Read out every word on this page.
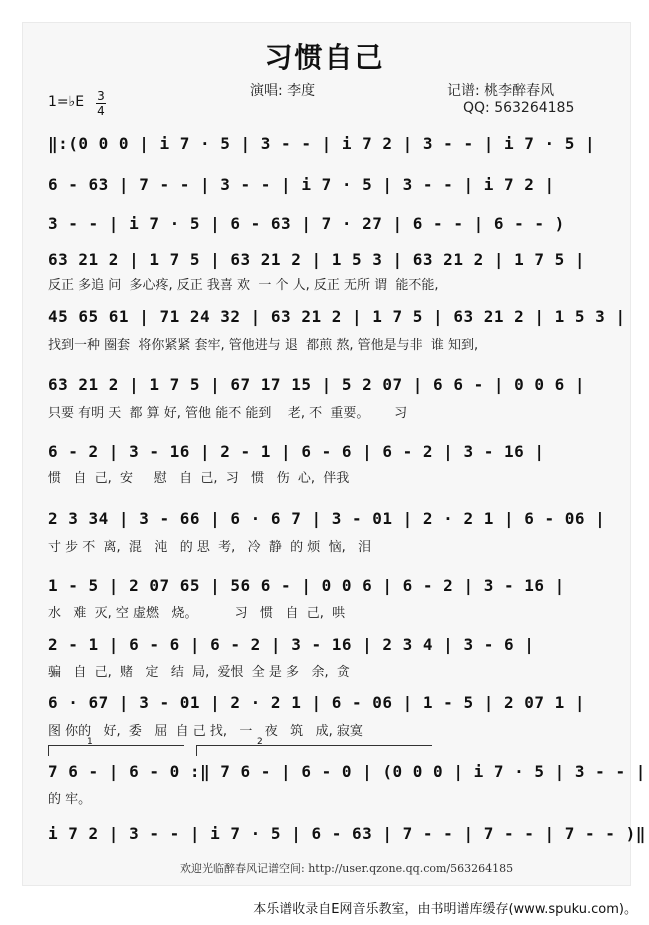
习惯自己
演唱: 李度	记谱: 桃李醉春风
QQ: 563264185
1=♭E 3
4
‖:(0 0 0 | i 7 · 5 | 3 - - | i 7 2 | 3 - - | i 7 · 5 |
6 - 63 | 7 - - | 3 - - | i 7 · 5 | 3 - - | i 7 2 |
3 - - | i 7 · 5 | 6 - 63 | 7 · 27 | 6 - - | 6 - - )
63 21 2 | 1 7 5 | 63 21 2 | 1 5 3 | 63 21 2 | 1 7 5 |
反正 多追 问  多心疼, 反正 我喜 欢  一 个 人, 反正 无所 谓  能不能,
45 65 61 | 71 24 32 | 63 21 2 | 1 7 5 | 63 21 2 | 1 5 3 |
找到一种 圈套  将你紧紧 套牢, 管他进与 退  都煎 熬, 管他是与非  谁 知到,
63 21 2 | 1 7 5 | 67 17 15 | 5 2 07 | 6 6 - | 0 0 6 |
只要 有明 天  都 算 好, 管他 能不 能到    老, 不  重要。      习
6 - 2 | 3 - 16 | 2 - 1 | 6 - 6 | 6 - 2 | 3 - 16 |
惯   自  己,  安     慰   自  己,  习   惯   伤  心,  伴我
2 3 34 | 3 - 66 | 6 · 6 7 | 3 - 01 | 2 · 2 1 | 6 - 06 |
寸 步 不  离,  混   沌   的 思  考,   冷  静  的 烦  恼,   泪
1 - 5 | 2 07 65 | 56 6 - | 0 0 6 | 6 - 2 | 3 - 16 |
水   难  灭, 空 虚燃   烧。         习   惯   自  己,  哄
2 - 1 | 6 - 6 | 6 - 2 | 3 - 16 | 2 3 4 | 3 - 6 |
骗   自  己,  赌   定   结  局,  爱恨  全 是 多   余,  贪
6 · 67 | 3 - 01 | 2 · 2 1 | 6 - 06 | 1 - 5 | 2 07 1 |
图 你的   好,  委   屈  自 己 找,   一   夜   筑   成, 寂寞
1	2
7 6 - | 6 - 0 :‖ 7 6 - | 6 - 0 | (0 0 0 | i 7 · 5 | 3 - - |
的 牢。
i 7 2 | 3 - - | i 7 · 5 | 6 - 63 | 7 - - | 7 - - | 7 - - )‖
欢迎光临醉春风记谱空间: http://user.qzone.qq.com/563264185
本乐谱收录自E网音乐教室，由书明谱库缓存(www.spuku.com)。
